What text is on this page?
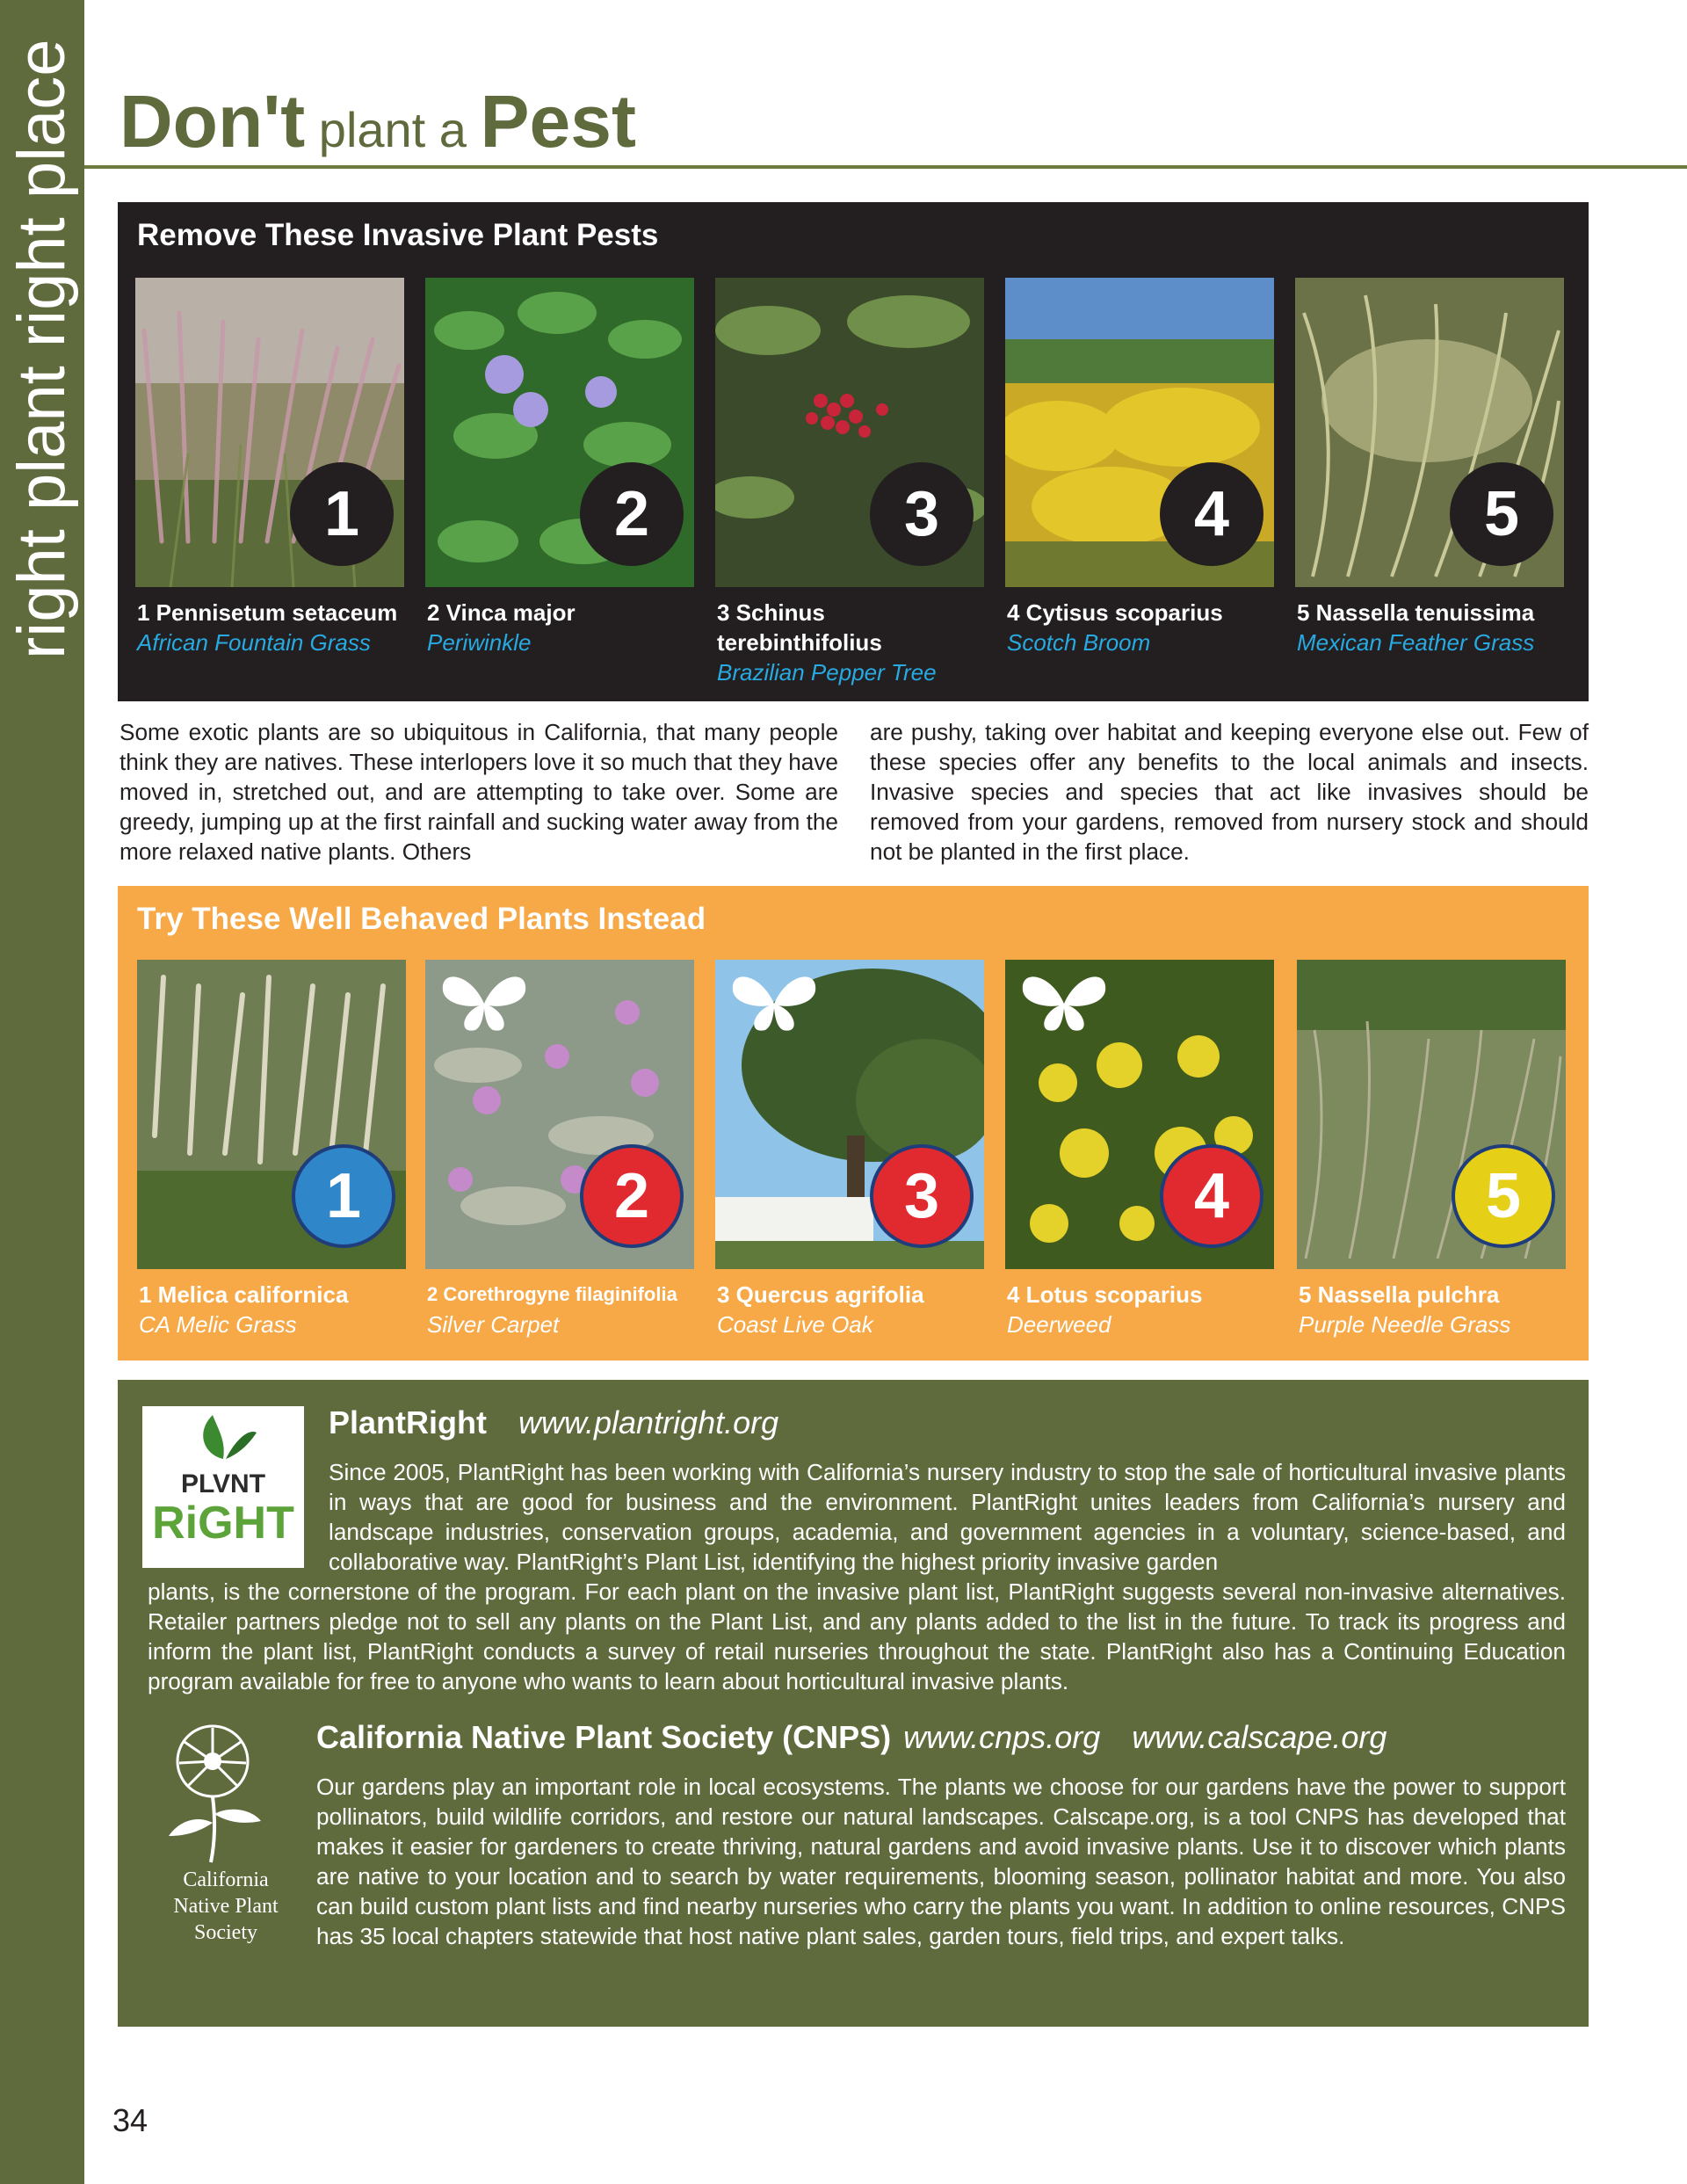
right plant right place Don't plant a Pest
Remove These Invasive Plant Pests
1
1 Pennisetum setaceum
African Fountain Grass
2
2 Vinca major
Periwinkle
3
3 Schinus terebinthifolius
Brazilian Pepper Tree
4
4 Cytisus scoparius
Scotch Broom
5
5 Nassella tenuissima
Mexican Feather Grass
Some exotic plants are so ubiquitous in California, that many people think they are natives. These interlopers love it so much that they have moved in, stretched out, and are attempting to take over. Some are greedy, jumping up at the first rainfall and sucking water away from the more relaxed native plants. Others
are pushy, taking over habitat and keeping everyone else out. Few of these species offer any benefits to the local animals and insects. Invasive species and species that act like invasives should be removed from your gardens, removed from nursery stock and should not be planted in the first place.
Try These Well Behaved Plants Instead
1
1 Melica californica
CA Melic Grass
2
2 Corethrogyne filaginifolia
Silver Carpet
3
3 Quercus agrifolia
Coast Live Oak
4
4 Lotus scoparius
Deerweed
5
5 Nassella pulchra
Purple Needle Grass
PLVNT
RiGHT
PlantRight www.plantright.org
Since 2005, PlantRight has been working with California’s nursery industry to stop the sale of horticultural invasive plants in ways that are good for business and the environment. PlantRight unites leaders from California’s nursery and landscape industries, conservation groups, academia, and government agencies in a voluntary, science-based, and collaborative way. PlantRight’s Plant List, identifying the highest priority invasive garden
plants, is the cornerstone of the program. For each plant on the invasive plant list, PlantRight suggests several non-invasive alternatives. Retailer partners pledge not to sell any plants on the Plant List, and any plants added to the list in the future. To track its progress and inform the plant list, PlantRight conducts a survey of retail nurseries throughout the state. PlantRight also has a Continuing Education program available for free to anyone who wants to learn about horticultural invasive plants.
California
Native Plant
Society
California Native Plant Society (CNPS) www.cnps.org www.calscape.org
Our gardens play an important role in local ecosystems. The plants we choose for our gardens have the power to support pollinators, build wildlife corridors, and restore our natural landscapes. Calscape.org, is a tool CNPS has developed that makes it easier for gardeners to create thriving, natural gardens and avoid invasive plants. Use it to discover which plants are native to your location and to search by water requirements, blooming season, pollinator habitat and more. You also can build custom plant lists and find nearby nurseries who carry the plants you want. In addition to online resources, CNPS has 35 local chapters statewide that host native plant sales, garden tours, field trips, and expert talks.
34
